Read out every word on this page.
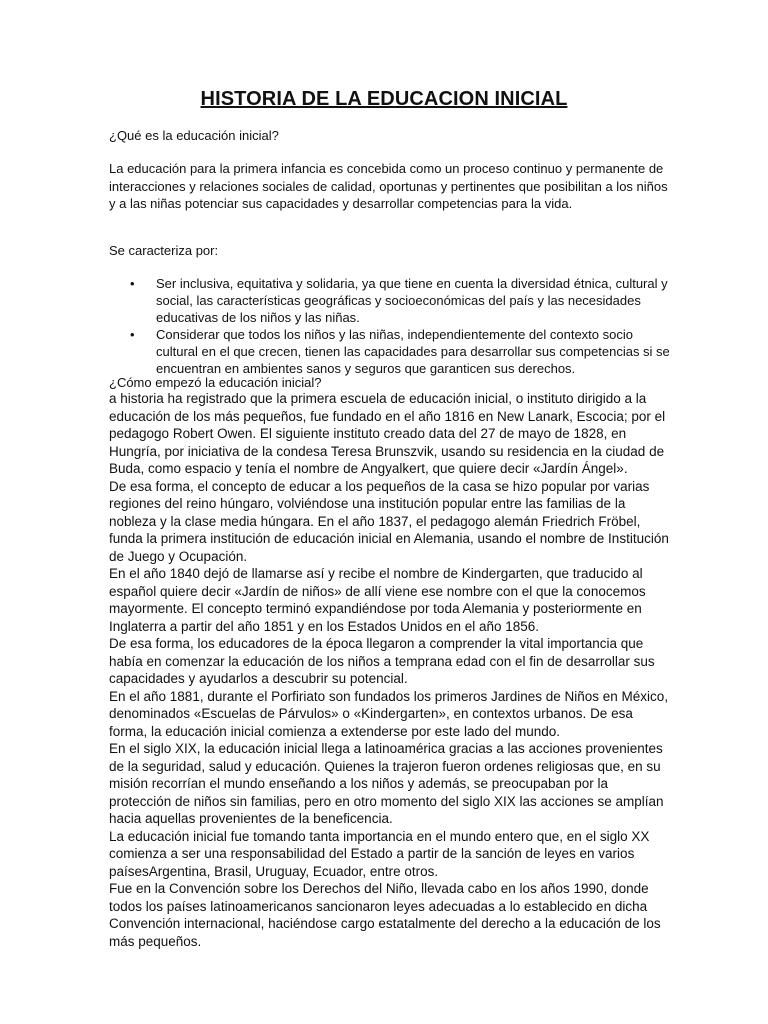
HISTORIA DE LA EDUCACION INICIAL
¿Qué es la educación inicial?
La educación para la primera infancia es concebida como un proceso continuo y permanente de interacciones y relaciones sociales de calidad, oportunas y pertinentes que posibilitan a los niños y a las niñas potenciar sus capacidades y desarrollar competencias para la vida.
Se caracteriza por:
• Ser inclusiva, equitativa y solidaria, ya que tiene en cuenta la diversidad étnica, cultural y social, las características geográficas y socioeconómicas del país y las necesidades educativas de los niños y las niñas.
• Considerar que todos los niños y las niñas, independientemente del contexto socio cultural en el que crecen, tienen las capacidades para desarrollar sus competencias si se encuentran en ambientes sanos y seguros que garanticen sus derechos.
¿Cómo empezó la educación inicial?

a historia ha registrado que la primera escuela de educación inicial, o instituto dirigido a la educación de los más pequeños, fue fundado en el año 1816 en New Lanark, Escocia; por el pedagogo Robert Owen. El siguiente instituto creado data del 27 de mayo de 1828, en Hungría, por iniciativa de la condesa Teresa Brunszvik, usando su residencia en la ciudad de Buda, como espacio y tenía el nombre de Angyalkert, que quiere decir «Jardín Ángel».

De esa forma, el concepto de educar a los pequeños de la casa se hizo popular por varias regiones del reino húngaro, volviéndose una institución popular entre las familias de la nobleza y la clase media húngara. En el año 1837, el pedagogo alemán Friedrich Fröbel, funda la primera institución de educación inicial en Alemania, usando el nombre de Institución de Juego y Ocupación.

En el año 1840 dejó de llamarse así y recibe el nombre de Kindergarten, que traducido al español quiere decir «Jardín de niños» de allí viene ese nombre con el que la conocemos mayormente. El concepto terminó expandiéndose por toda Alemania y posteriormente en Inglaterra a partir del año 1851 y en los Estados Unidos en el año 1856.

De esa forma, los educadores de la época llegaron a comprender la vital importancia que había en comenzar la educación de los niños a temprana edad con el fin de desarrollar sus capacidades y ayudarlos a descubrir su potencial.

En el año 1881, durante el Porfiriato son fundados los primeros Jardines de Niños en México, denominados «Escuelas de Párvulos» o «Kindergarten», en contextos urbanos. De esa forma, la educación inicial comienza a extenderse por este lado del mundo.

En el siglo XIX, la educación inicial llega a latinoamérica gracias a las acciones provenientes de la seguridad, salud y educación. Quienes la trajeron fueron ordenes religiosas que, en su misión recorrían el mundo enseñando a los niños y además, se preocupaban por la protección de niños sin familias, pero en otro momento del siglo XIX las acciones se amplían hacia aquellas provenientes de la beneficencia.

La educación inicial fue tomando tanta importancia en el mundo entero que, en el siglo XX comienza a ser una responsabilidad del Estado a partir de la sanción de leyes en varios paísesArgentina, Brasil, Uruguay, Ecuador, entre otros.

Fue en la Convención sobre los Derechos del Niño, llevada cabo en los años 1990, donde todos los países latinoamericanos sancionaron leyes adecuadas a lo establecido en dicha Convención internacional, haciéndose cargo estatalmente del derecho a la educación de los más pequeños.
